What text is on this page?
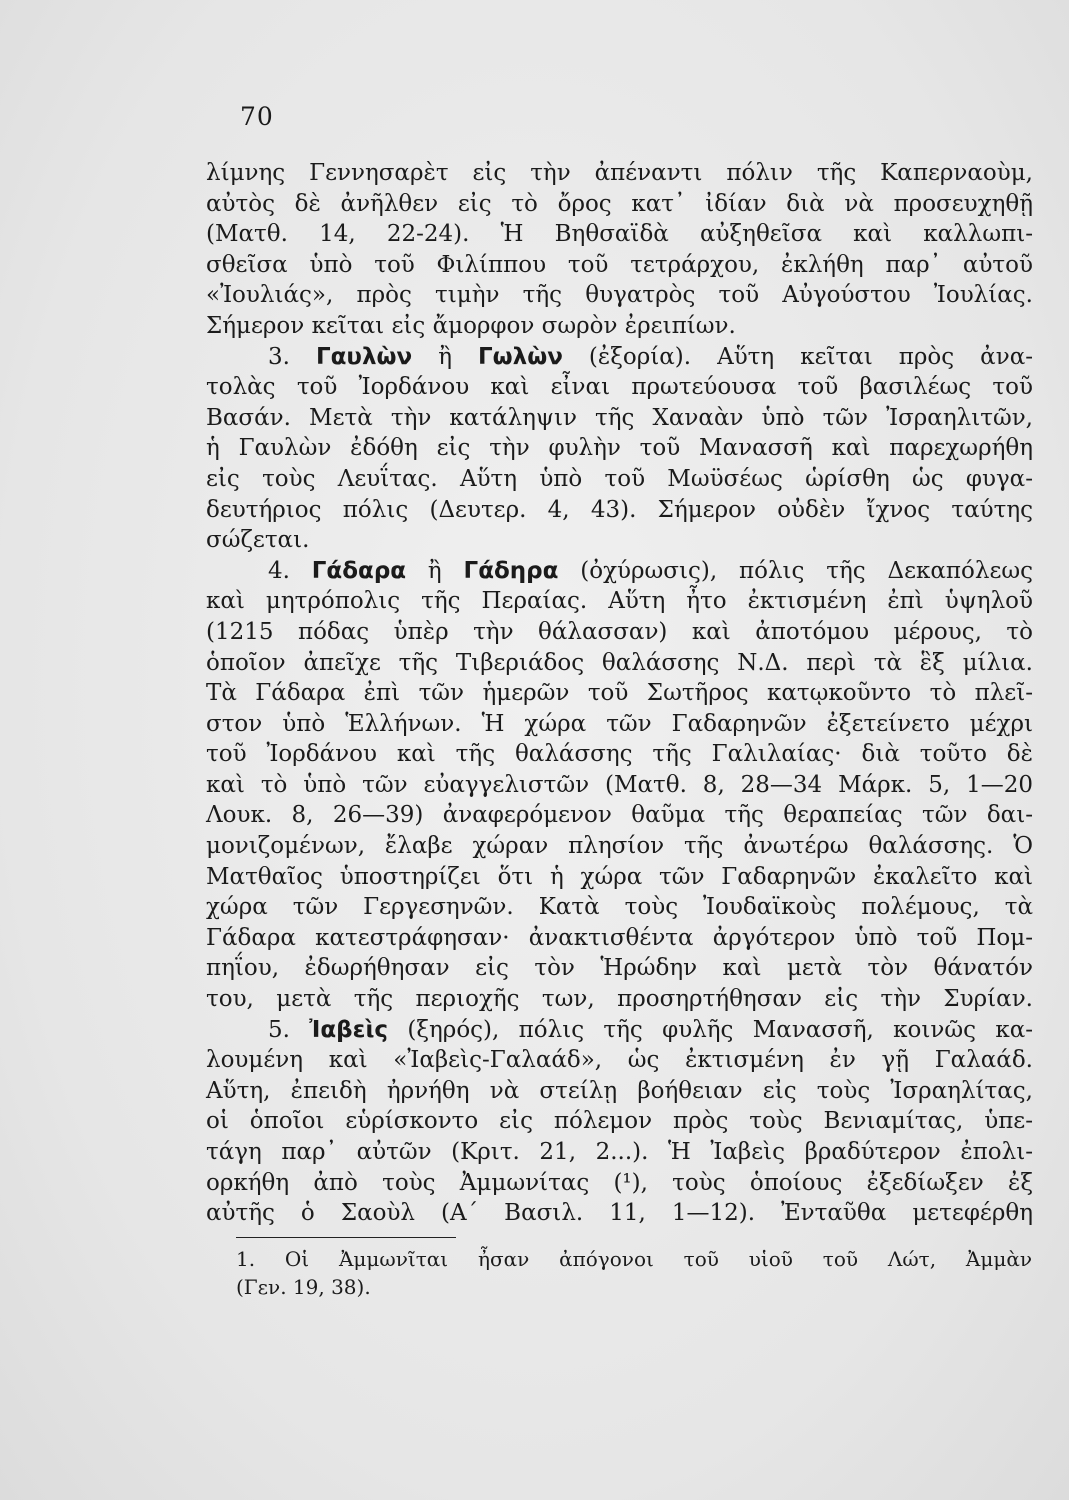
70
λίμνης Γεννησαρὲτ εἰς τὴν ἀπέναντι πόλιν τῆς Καπερναοὺμ,
αὐτὸς δὲ ἀνῆλθεν εἰς τὸ ὄρος κατ᾿ ἰδίαν διὰ νὰ προσευχηθῇ
(Ματθ. 14, 22-24). Ἡ Βηθσαϊδὰ αὐξηθεῖσα καὶ καλλωπι-
σθεῖσα ὑπὸ τοῦ Φιλίππου τοῦ τετράρχου, ἐκλήθη παρ᾿ αὐτοῦ
«Ἰουλιάς», πρὸς τιμὴν τῆς θυγατρὸς τοῦ Αὐγούστου Ἰουλίας.
Σήμερον κεῖται εἰς ἄμορφον σωρὸν ἐρειπίων.
3. Γαυλὼν ἢ Γωλὼν (ἐξορία). Αὕτη κεῖται πρὸς ἀνα-
τολὰς τοῦ Ἰορδάνου καὶ εἶναι πρωτεύουσα τοῦ βασιλέως τοῦ
Βασάν. Μετὰ τὴν κατάληψιν τῆς Χαναὰν ὑπὸ τῶν Ἰσραηλιτῶν,
ἡ Γαυλὼν ἐδόθη εἰς τὴν φυλὴν τοῦ Μανασσῆ καὶ παρεχωρήθη
εἰς τοὺς Λευΐτας. Αὕτη ὑπὸ τοῦ Μωϋσέως ὡρίσθη ὡς φυγα-
δευτήριος πόλις (Δευτερ. 4, 43). Σήμερον οὐδὲν ἴχνος ταύτης
σώζεται.
4. Γάδαρα ἢ Γάδηρα (ὀχύρωσις), πόλις τῆς Δεκαπόλεως
καὶ μητρόπολις τῆς Περαίας. Αὕτη ἦτο ἐκτισμένη ἐπὶ ὑψηλοῦ
(1215 πόδας ὑπὲρ τὴν θάλασσαν) καὶ ἀποτόμου μέρους, τὸ
ὁποῖον ἀπεῖχε τῆς Τιβεριάδος θαλάσσης Ν.Δ. περὶ τὰ ἓξ μίλια.
Τὰ Γάδαρα ἐπὶ τῶν ἡμερῶν τοῦ Σωτῆρος κατῳκοῦντο τὸ πλεῖ-
στον ὑπὸ Ἑλλήνων. Ἡ χώρα τῶν Γαδαρηνῶν ἐξετείνετο μέχρι
τοῦ Ἰορδάνου καὶ τῆς θαλάσσης τῆς Γαλιλαίας· διὰ τοῦτο δὲ
καὶ τὸ ὑπὸ τῶν εὐαγγελιστῶν (Ματθ. 8, 28—34 Μάρκ. 5, 1—20
Λουκ. 8, 26—39) ἀναφερόμενον θαῦμα τῆς θεραπείας τῶν δαι-
μονιζομένων, ἔλαβε χώραν πλησίον τῆς ἀνωτέρω θαλάσσης. Ὁ
Ματθαῖος ὑποστηρίζει ὅτι ἡ χώρα τῶν Γαδαρηνῶν ἐκαλεῖτο καὶ
χώρα τῶν Γεργεσηνῶν. Κατὰ τοὺς Ἰουδαϊκοὺς πολέμους, τὰ
Γάδαρα κατεστράφησαν· ἀνακτισθέντα ἀργότερον ὑπὸ τοῦ Πομ-
πηΐου, ἐδωρήθησαν εἰς τὸν Ἡρώδην καὶ μετὰ τὸν θάνατόν
του, μετὰ τῆς περιοχῆς των, προσηρτήθησαν εἰς τὴν Συρίαν.
5. Ἰαβεὶς (ξηρός), πόλις τῆς φυλῆς Μανασσῆ, κοινῶς κα-
λουμένη καὶ «Ἰαβεὶς-Γαλαάδ», ὡς ἐκτισμένη ἐν γῇ Γαλαάδ.
Αὕτη, ἐπειδὴ ἠρνήθη νὰ στείλῃ βοήθειαν εἰς τοὺς Ἰσραηλίτας,
οἱ ὁποῖοι εὑρίσκοντο εἰς πόλεμον πρὸς τοὺς Βενιαμίτας, ὑπε-
τάγη παρ᾿ αὐτῶν (Κριτ. 21, 2...). Ἡ Ἰαβεὶς βραδύτερον ἐπολι-
ορκήθη ἀπὸ τοὺς Ἀμμωνίτας (¹), τοὺς ὁποίους ἐξεδίωξεν ἐξ
αὐτῆς ὁ Σαοὺλ (Α΄ Βασιλ. 11, 1—12). Ἐνταῦθα μετεφέρθη
1. Οἱ Ἀμμωνῖται ἦσαν ἀπόγονοι τοῦ υἱοῦ τοῦ Λώτ, Ἀμμὰν
(Γεν. 19, 38).
